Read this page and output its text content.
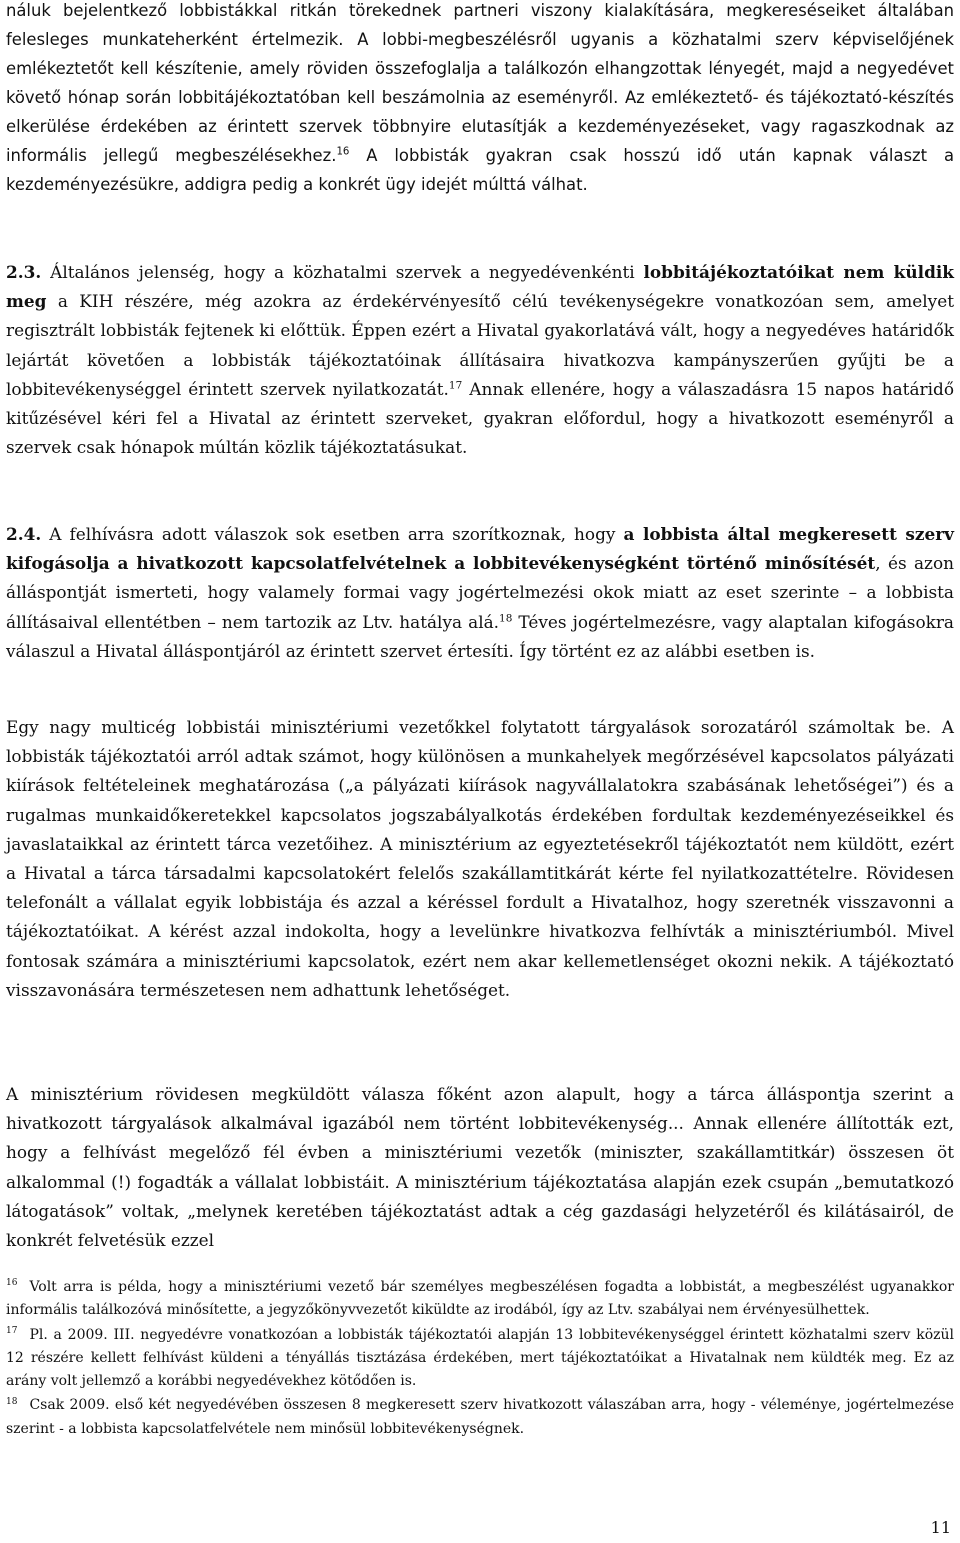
náluk bejelentkező lobbistákkal ritkán törekednek partneri viszony kialakítására, megkereséseiket általában felesleges munkateherként értelmezik. A lobbi-megbeszélésről ugyanis a közhatalmi szerv képviselőjének emlékeztetőt kell készítenie, amely röviden összefoglalja a találkozón elhangzottak lényegét, majd a negyedévet követő hónap során lobbitájékoztatóban kell beszámolnia az eseményről. Az emlékeztető- és tájékoztató-készítés elkerülése érdekében az érintett szervek többnyire elutasítják a kezdeményezéseket, vagy ragaszkodnak az informális jellegű megbeszélésekhez.$^{16}$ A lobbisták gyakran csak hosszú idő után kapnak választ a kezdeményezésükre, addigra pedig a konkrét ügy idejét múlttá válhat.

2.3. Általános jelenség, hogy a közhatalmi szervek a negyedévenkénti lobbitájékoztatóikat nem küldik meg a KIH részére, még azokra az érdekérvényesítő célú tevékenységekre vonatkozóan sem, amelyet regisztrált lobbisták fejtenek ki előttük. Éppen ezért a Hivatal gyakorlatává vált, hogy a negyedéves határidők lejártát követően a lobbisták tájékoztatóinak állításaira hivatkozva kampányszerűen gyűjti be a lobbitevékenységgel érintett szervek nyilatkozatát.$^{17}$ Annak ellenére, hogy a válaszadásra 15 napos határidő kitűzésével kéri fel a Hivatal az érintett szerveket, gyakran előfordul, hogy a hivatkozott eseményről a szervek csak hónapok múltán közlik tájékoztatásukat.

2.4. A felhívásra adott válaszok sok esetben arra szorítkoznak, hogy a lobbista által megkeresett szerv kifogásolja a hivatkozott kapcsolatfelvételnek a lobbitevékenységként történő minősítését, és azon álláspontját ismerteti, hogy valamely formai vagy jogértelmezési okok miatt az eset szerinte – a lobbista állításaival ellentétben – nem tartozik az Ltv. hatálya alá.$^{18}$ Téves jogértelmezésre, vagy alaptalan kifogásokra válaszul a Hivatal álláspontjáról az érintett szervet értesíti. Így történt ez az alábbi esetben is.

Egy nagy multicég lobbistái minisztériumi vezetőkkel folytatott tárgyalások sorozatáról számoltak be. A lobbisták tájékoztatói arról adtak számot, hogy különösen a munkahelyek megőrzésével kapcsolatos pályázati kiírások feltételeinek meghatározása („a pályázati kiírások nagyvállalatokra szabásának lehetőségei”) és a rugalmas munkaidőkeretekkel kapcsolatos jogszabályalkotás érdekében fordultak kezdeményezéseikkel és javaslataikkal az érintett tárca vezetőihez. A minisztérium az egyeztetésekről tájékoztatót nem küldött, ezért a Hivatal a tárca társadalmi kapcsolatokért felelős szakállamtitkárát kérte fel nyilatkozattételre. Rövidesen telefonált a vállalat egyik lobbistája és azzal a kéréssel fordult a Hivatalhoz, hogy szeretnék visszavonni a tájékoztatóikat. A kérést azzal indokolta, hogy a levelünkre hivatkozva felhívták a minisztériumból. Mivel fontosak számára a minisztériumi kapcsolatok, ezért nem akar kellemetlenséget okozni nekik. A tájékoztató visszavonására természetesen nem adhattunk lehetőséget.

A minisztérium rövidesen megküldött válasza főként azon alapult, hogy a tárca álláspontja szerint a hivatkozott tárgyalások alkalmával igazából nem történt lobbitevékenység... Annak ellenére állították ezt, hogy a felhívást megelőző fél évben a minisztériumi vezetők (miniszter, szakállamtitkár) összesen öt alkalommal (!) fogadták a vállalat lobbistáit. A minisztérium tájékoztatása alapján ezek csupán „bemutatkozó látogatások” voltak, „melynek keretében tájékoztatást adtak a cég gazdasági helyzetéről és kilátásairól, de konkrét felvetésük ezzel

$^{16}$ Volt arra is példa, hogy a minisztériumi vezető bár személyes megbeszélésen fogadta a lobbistát, a megbeszélést ugyanakkor informális találkozóvá minősítette, a jegyzőkönyvvezetőt kiküldte az irodából, így az Ltv. szabályai nem érvényesülhettek.

$^{17}$ Pl. a 2009. III. negyedévre vonatkozóan a lobbisták tájékoztatói alapján 13 lobbitevékenységgel érintett közhatalmi szerv közül 12 részére kellett felhívást küldeni a tényállás tisztázása érdekében, mert tájékoztatóikat a Hivatalnak nem küldték meg. Ez az arány volt jellemző a korábbi negyedévekhez kötődően is.

$^{18}$ Csak 2009. első két negyedévében összesen 8 megkeresett szerv hivatkozott válaszában arra, hogy - véleménye, jogértelmezése szerint - a lobbista kapcsolatfelvétele nem minősül lobbitevékenységnek.

11
